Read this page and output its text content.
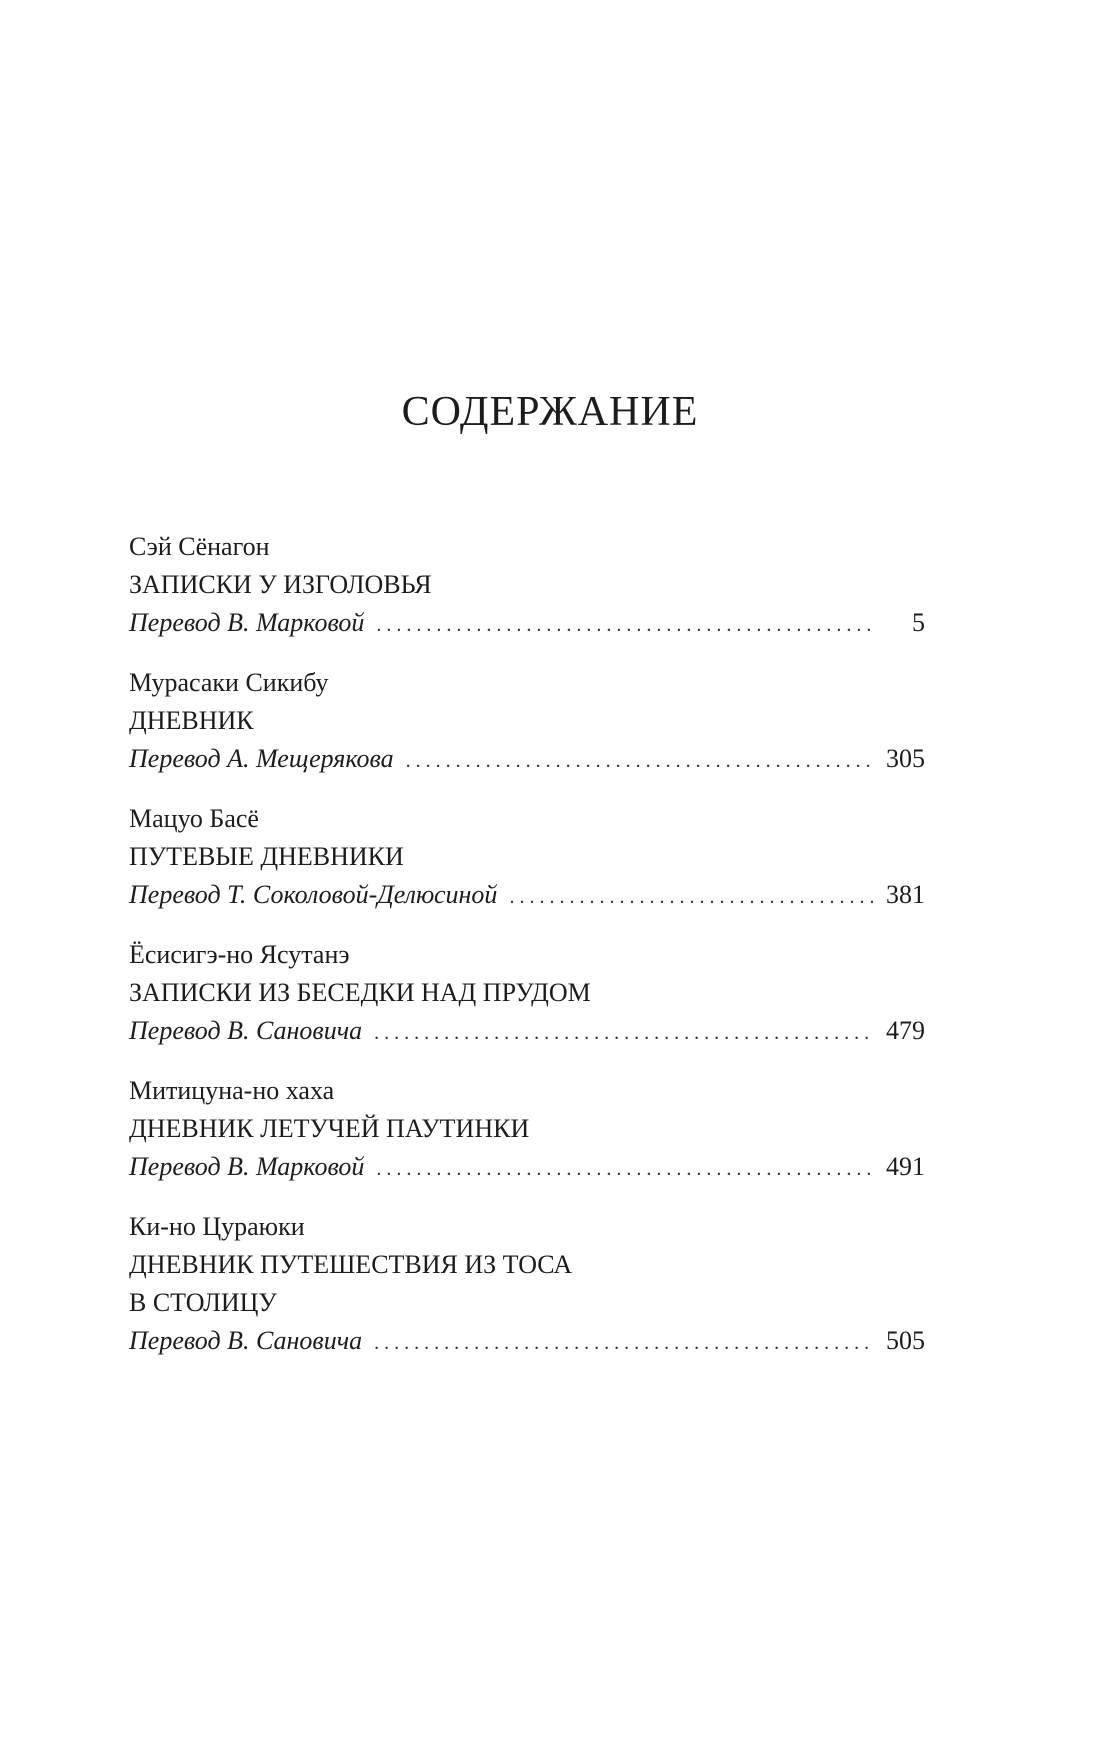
СОДЕРЖАНИЕ
Сэй Сёнагон
ЗАПИСКИ У ИЗГОЛОВЬЯ
Перевод В. Марковой . . .	5
Мурасаки Сикибу
ДНЕВНИК
Перевод А. Мещерякова . . .	305
Мацуо Басё
ПУТЕВЫЕ ДНЕВНИКИ
Перевод Т. Соколовой-Делюсиной . . .	381
Ёсисигэ-но Ясутанэ
ЗАПИСКИ ИЗ БЕСЕДКИ НАД ПРУДОМ
Перевод В. Сановича . . .	479
Митицуна-но хаха
ДНЕВНИК ЛЕТУЧЕЙ ПАУТИНКИ
Перевод В. Марковой . . .	491
Ки-но Цураюки
ДНЕВНИК ПУТЕШЕСТВИЯ ИЗ ТОСА
В СТОЛИЦУ
Перевод В. Сановича . . .	505
